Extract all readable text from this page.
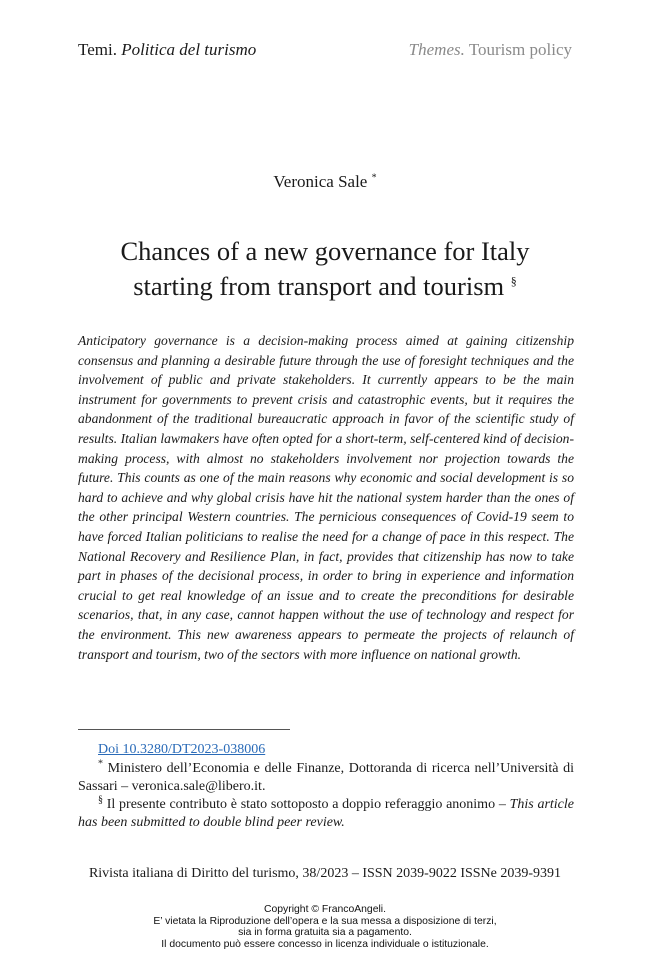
Temi. Politica del turismo	Themes. Tourism policy
Veronica Sale *
Chances of a new governance for Italy
starting from transport and tourism §

Anticipatory governance is a decision-making process aimed at gaining citizenship consensus and planning a desirable future through the use of foresight techniques and the involvement of public and private stakeholders. It currently appears to be the main instrument for governments to prevent crisis and catastrophic events, but it requires the abandonment of the traditional bureaucratic approach in favor of the scientific study of results. Italian lawmakers have often opted for a short-term, self-centered kind of decision-making process, with almost no stakeholders involvement nor projection towards the future. This counts as one of the main reasons why economic and social development is so hard to achieve and why global crisis have hit the national system harder than the ones of the other principal Western countries. The pernicious consequences of Covid-19 seem to have forced Italian politicians to realise the need for a change of pace in this respect. The National Recovery and Resilience Plan, in fact, provides that citizenship has now to take part in phases of the decisional process, in order to bring in experience and information crucial to get real knowledge of an issue and to create the preconditions for desirable scenarios, that, in any case, cannot happen without the use of technology and respect for the environment. This new awareness appears to permeate the projects of relaunch of transport and tourism, two of the sectors with more influence on national growth.

Doi 10.3280/DT2023-038006

* Ministero dell’Economia e delle Finanze, Dottoranda di ricerca nell’Università di Sassari – veronica.sale@libero.it.

§ Il presente contributo è stato sottoposto a doppio referaggio anonimo – This article has been submitted to double blind peer review.

Rivista italiana di Diritto del turismo, 38/2023 – ISSN 2039-9022 ISSNe 2039-9391
Copyright © FrancoAngeli.
E’ vietata la Riproduzione dell’opera e la sua messa a disposizione di terzi,
sia in forma gratuita sia a pagamento.
Il documento può essere concesso in licenza individuale o istituzionale.
